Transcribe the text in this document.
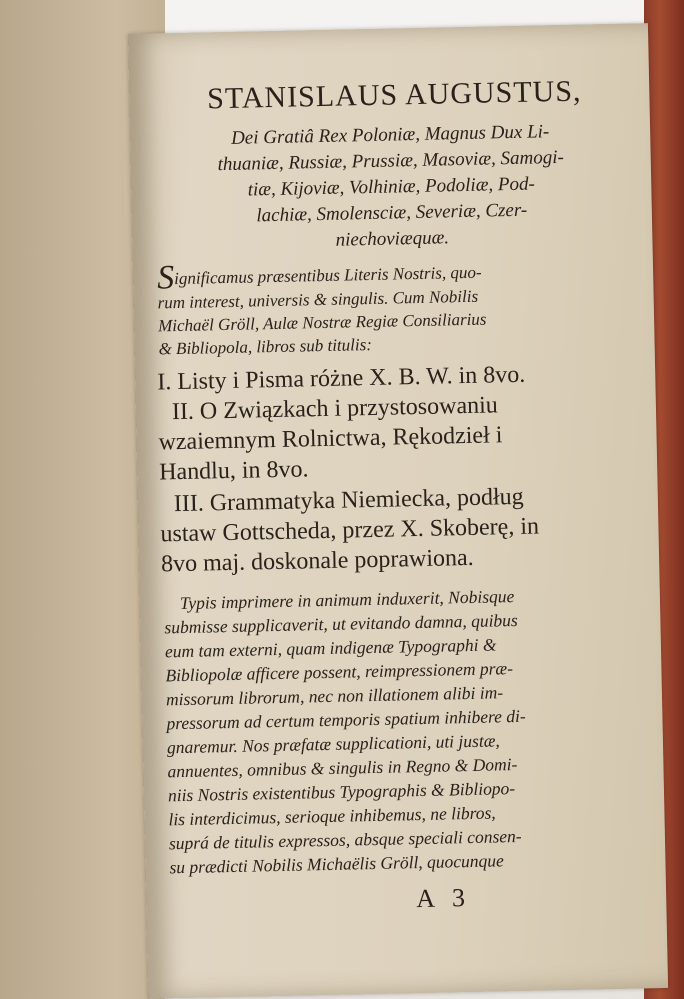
STANISLAUS AUGUSTUS,
Dei Gratiâ Rex Poloniæ, Magnus Dux Li-
thuaniæ, Russiæ, Prussiæ, Masoviæ, Samogi-
tiæ, Kijoviæ, Volhiniæ, Podoliæ, Pod-
lachiæ, Smolensciæ, Severiæ, Czer-
niechoviæquæ.
Significamus præsentibus Literis Nostris, quo-
rum interest, universis & singulis. Cum Nobilis
Michaël Gröll, Aulæ Nostræ Regiæ Consiliarius
& Bibliopola, libros sub titulis:
I. Listy i Pisma różne X. B. W. in 8vo.
II. O Związkach i przystosowaniu
wzaiemnym Rolnictwa, Rękodzieł i
Handlu, in 8vo.
III. Grammatyka Niemiecka, podług
ustaw Gottscheda, przez X. Skoberę, in
8vo maj. doskonale poprawiona.
Typis imprimere in animum induxerit, Nobisque
submisse supplicaverit, ut evitando damna, quibus
eum tam externi, quam indigenæ Typographi &
Bibliopolæ afficere possent, reimpressionem præ-
missorum librorum, nec non illationem alibi im-
pressorum ad certum temporis spatium inhibere di-
gnaremur. Nos præfatæ supplicationi, uti justæ,
annuentes, omnibus & singulis in Regno & Domi-
niis Nostris existentibus Typographis & Bibliopo-
lis interdicimus, serioque inhibemus, ne libros,
suprá de titulis expressos, absque speciali consen-
su prædicti Nobilis Michaëlis Gröll, quocunque
A 3
